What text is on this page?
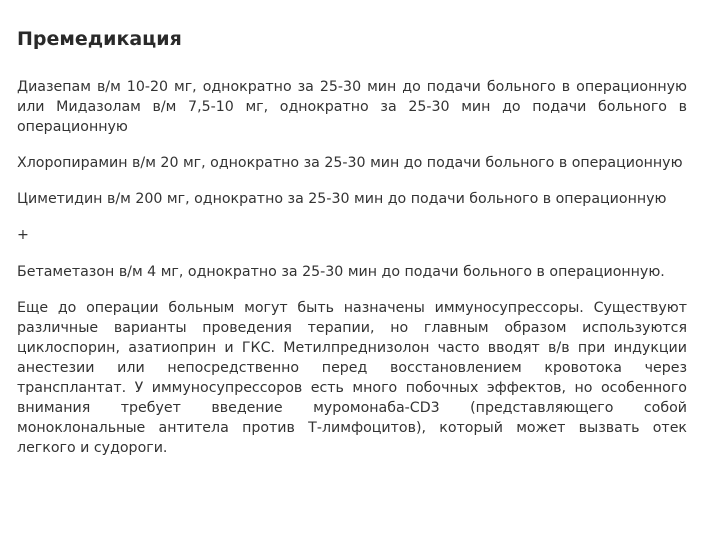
Премедикация

Диазепам в/м 10-20 мг, однократно за 25-30 мин до подачи больного в операционную или Мидазолам в/м 7,5-10 мг, однократно за 25-30 мин до подачи больного в операционную

Хлоропирамин в/м 20 мг, однократно за 25-30 мин до подачи больного в операционную

Циметидин в/м 200 мг, однократно за 25-30 мин до подачи больного в операционную

+

Бетаметазон в/м 4 мг, однократно за 25-30 мин до подачи больного в операционную.

Еще до операции больным могут быть назначены иммуносупрессоры. Существуют различные варианты проведения терапии, но главным образом используются циклоспорин, азатиоприн и ГКС. Метилпреднизолон часто вводят в/в при индукции анестезии или непосредственно перед восстановлением кровотока через трансплантат. У иммуносупрессоров есть много побочных эффектов, но особенного внимания требует введение муромонаба-CD3 (представляющего собой моноклональные антитела против Т-лимфоцитов), который может вызвать отек легкого и судороги.
